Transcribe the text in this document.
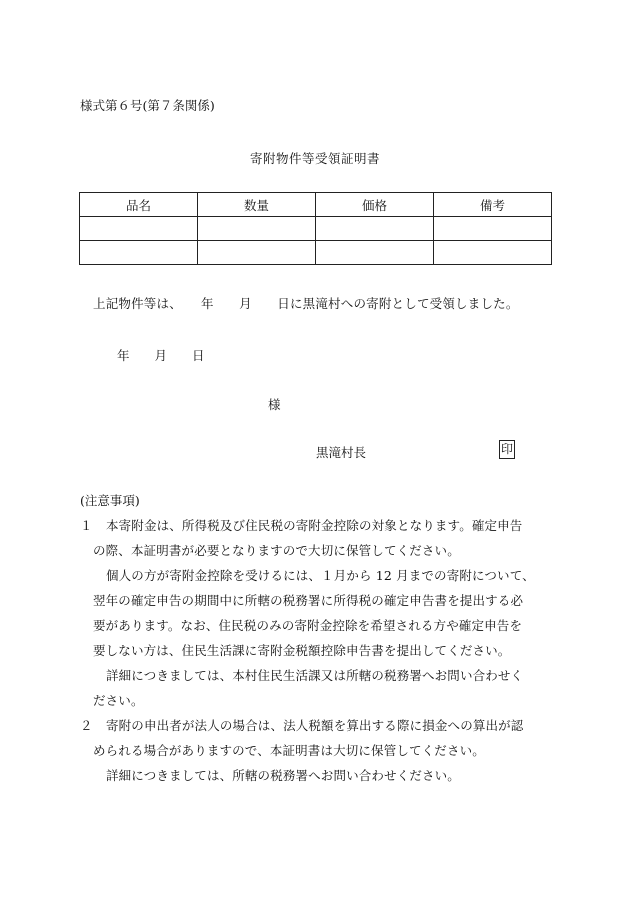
様式第６号(第７条関係)
寄附物件等受領証明書
品名	数量	価格	備考

上記物件等は、　　年　　月　　日に黒滝村への寄附として受領しました。
年　　月　　日
様
黒滝村長	印
(注意事項)
１ 本寄附金は、所得税及び住民税の寄附金控除の対象となります。確定申告
の際、本証明書が必要となりますので大切に保管してください。
個人の方が寄附金控除を受けるには、１月から 12 月までの寄附について、
翌年の確定申告の期間中に所轄の税務署に所得税の確定申告書を提出する必
要があります。なお、住民税のみの寄附金控除を希望される方や確定申告を
要しない方は、住民生活課に寄附金税額控除申告書を提出してください。
詳細につきましては、本村住民生活課又は所轄の税務署へお問い合わせく
ださい。
２ 寄附の申出者が法人の場合は、法人税額を算出する際に損金への算出が認
められる場合がありますので、本証明書は大切に保管してください。
詳細につきましては、所轄の税務署へお問い合わせください。
